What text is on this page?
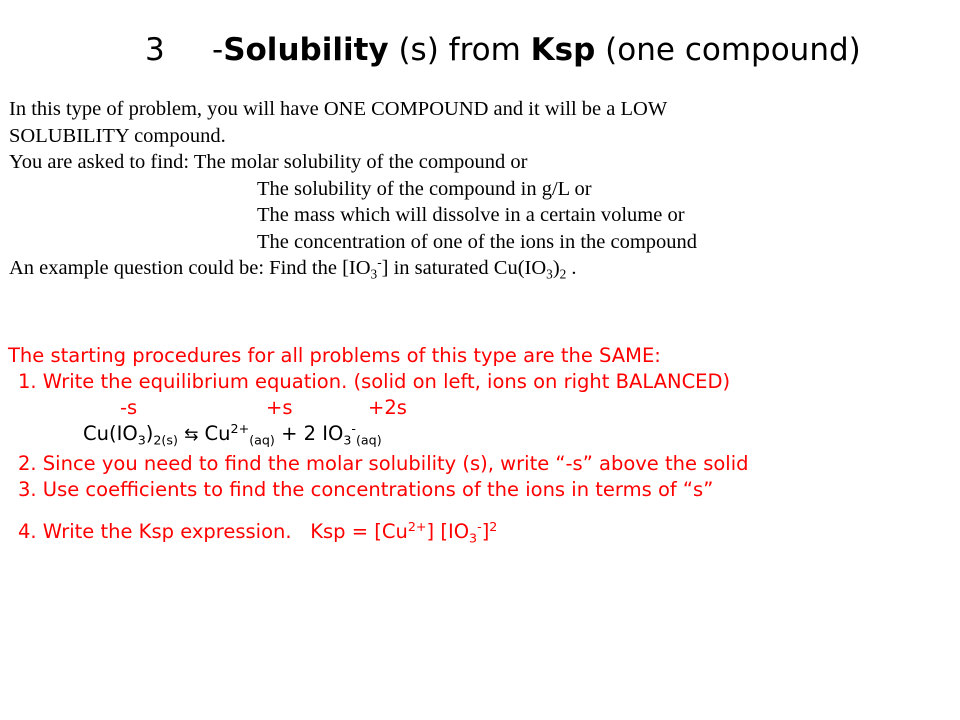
3 -Solubility (s) from Ksp (one compound)
In this type of problem, you will have ONE COMPOUND and it will be a LOW
SOLUBILITY compound.
You are asked to find: The molar solubility of the compound or
The solubility of the compound in g/L or
The mass which will dissolve in a certain volume or
The concentration of one of the ions in the compound
An example question could be: Find the $[IO_3^-]$ in saturated $Cu(IO_3)_2$ .
The starting procedures for all problems of this type are the SAME:
1. Write the equilibrium equation. (solid on left, ions on right BALANCED)
-s	+s	+2s
$Cu(IO_3)_{2(s)}$ ⇆ $Cu^{2+}_{(aq)} + 2$ $IO_3^-_{(aq)}$
2. Since you need to find the molar solubility (s), write “-s” above the solid
3. Use coefficients to find the concentrations of the ions in terms of “s”
4. Write the Ksp expression. Ksp = $[Cu^{2+}]$ $[IO_3^-]^2$
